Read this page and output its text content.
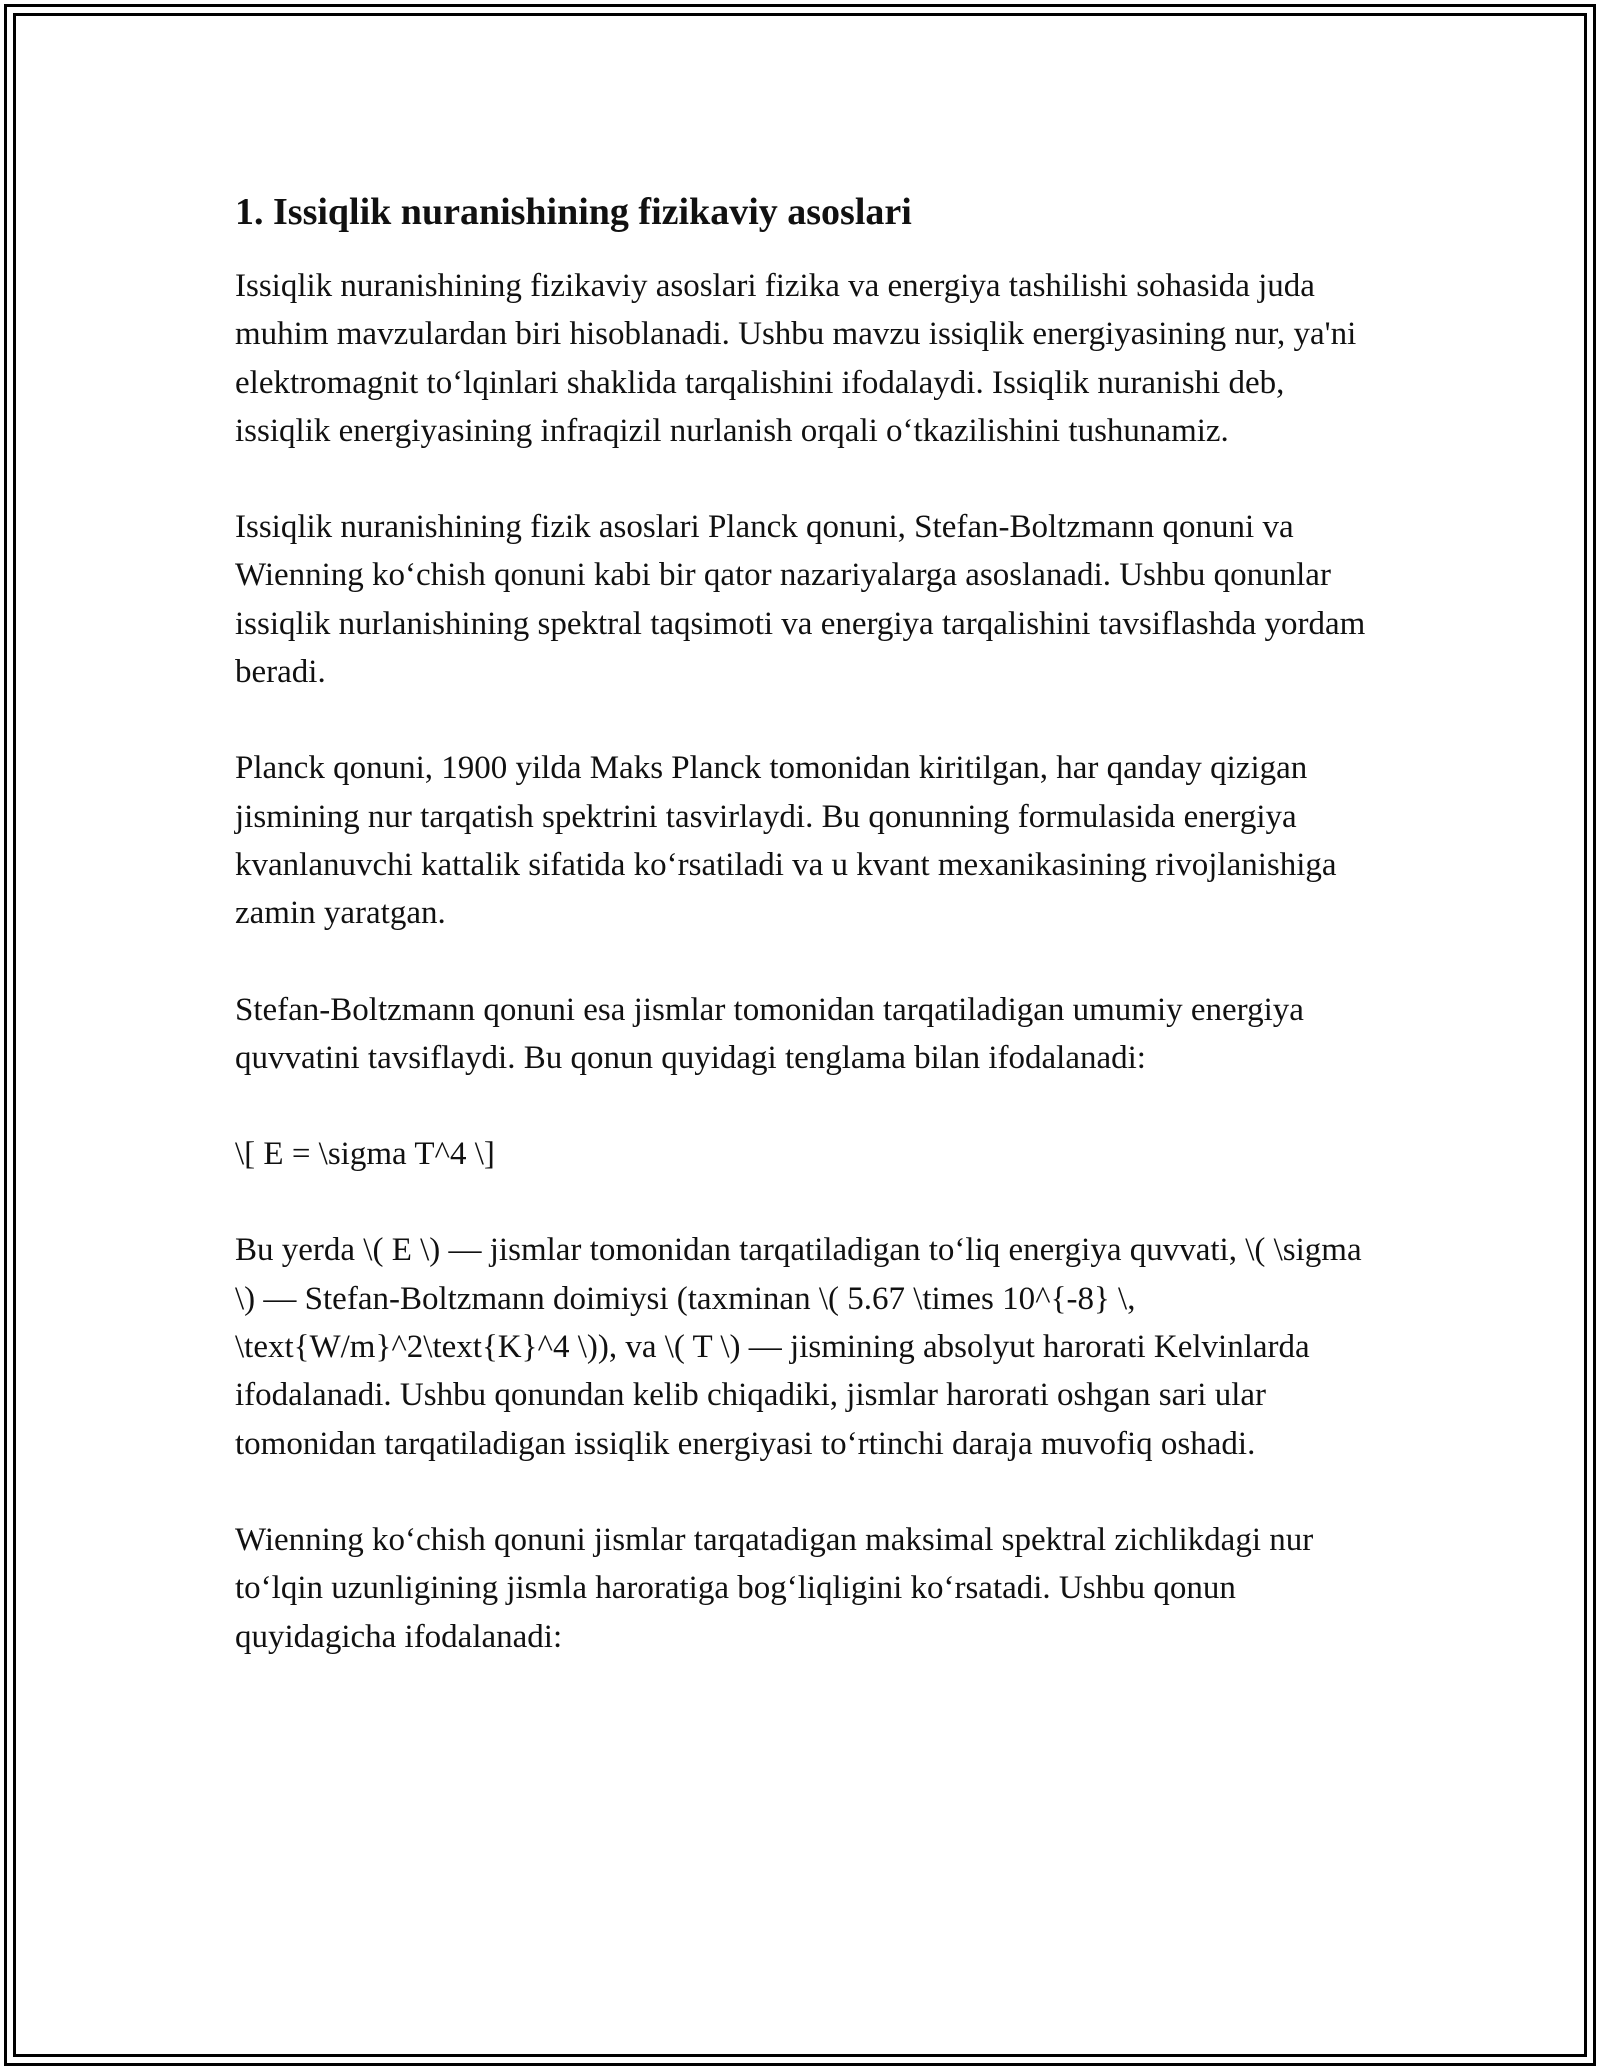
1. Issiqlik nuranishining fizikaviy asoslari

Issiqlik nuranishining fizikaviy asoslari fizika va energiya tashilishi sohasida juda muhim mavzulardan biri hisoblanadi. Ushbu mavzu issiqlik energiyasining nur, ya'ni elektromagnit to‘lqinlari shaklida tarqalishini ifodalaydi. Issiqlik nuranishi deb, issiqlik energiyasining infraqizil nurlanish orqali o‘tkazilishini tushunamiz.

Issiqlik nuranishining fizik asoslari Planck qonuni, Stefan-Boltzmann qonuni va Wienning ko‘chish qonuni kabi bir qator nazariyalarga asoslanadi. Ushbu qonunlar issiqlik nurlanishining spektral taqsimoti va energiya tarqalishini tavsiflashda yordam beradi.

Planck qonuni, 1900 yilda Maks Planck tomonidan kiritilgan, har qanday qizigan jismining nur tarqatish spektrini tasvirlaydi. Bu qonunning formulasida energiya kvanlanuvchi kattalik sifatida ko‘rsatiladi va u kvant mexanikasining rivojlanishiga zamin yaratgan.

Stefan-Boltzmann qonuni esa jismlar tomonidan tarqatiladigan umumiy energiya quvvatini tavsiflaydi. Bu qonun quyidagi tenglama bilan ifodalanadi:

\[ E = \sigma T^4 \]

Bu yerda \( E \) — jismlar tomonidan tarqatiladigan to‘liq energiya quvvati, \( \sigma \) — Stefan-Boltzmann doimiysi (taxminan \( 5.67 \times 10^{-8} \, \text{W/m}^2\text{K}^4 \)), va \( T \) — jismining absolyut harorati Kelvinlarda ifodalanadi. Ushbu qonundan kelib chiqadiki, jismlar harorati oshgan sari ular tomonidan tarqatiladigan issiqlik energiyasi to‘rtinchi daraja muvofiq oshadi.

Wienning ko‘chish qonuni jismlar tarqatadigan maksimal spektral zichlikdagi nur to‘lqin uzunligining jismla haroratiga bog‘liqligini ko‘rsatadi. Ushbu qonun quyidagicha ifodalanadi:
